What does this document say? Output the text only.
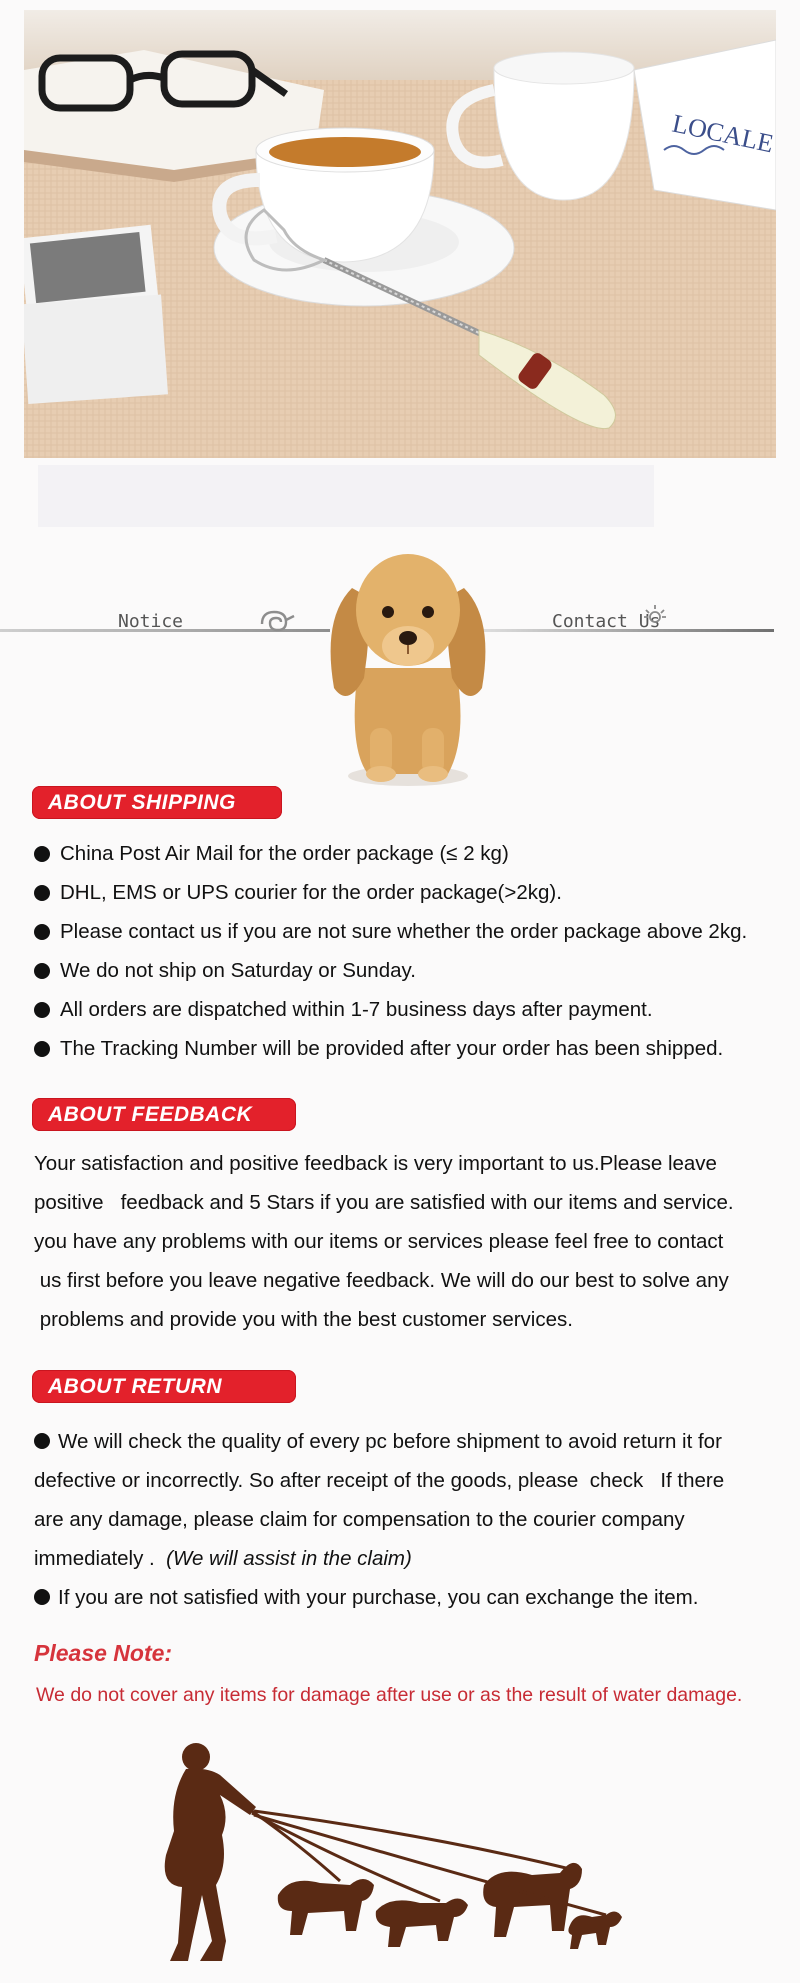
LOCALE
Notice	Contact Us
ABOUT SHIPPING
China Post Air Mail for the order package (≤ 2 kg)
DHL, EMS or UPS courier for the order package(>2kg).
Please contact us if you are not sure whether the order package above 2kg.
We do not ship on Saturday or Sunday.
All orders are dispatched within 1-7 business days after payment.
The Tracking Number will be provided after your order has been shipped.
ABOUT FEEDBACK
Your satisfaction and positive feedback is very important to us.Please leave
positive   feedback and 5 Stars if you are satisfied with our items and service.
you have any problems with our items or services please feel free to contact
us first before you leave negative feedback. We will do our best to solve any
problems and provide you with the best customer services.
ABOUT RETURN
We will check the quality of every pc before shipment to avoid return it for
defective or incorrectly. So after receipt of the goods, please  check   If there
are any damage, please claim for compensation to the courier company
immediately .  (We will assist in the claim)
If you are not satisfied with your purchase, you can exchange the item.
Please Note:
We do not cover any items for damage after use or as the result of water damage.
